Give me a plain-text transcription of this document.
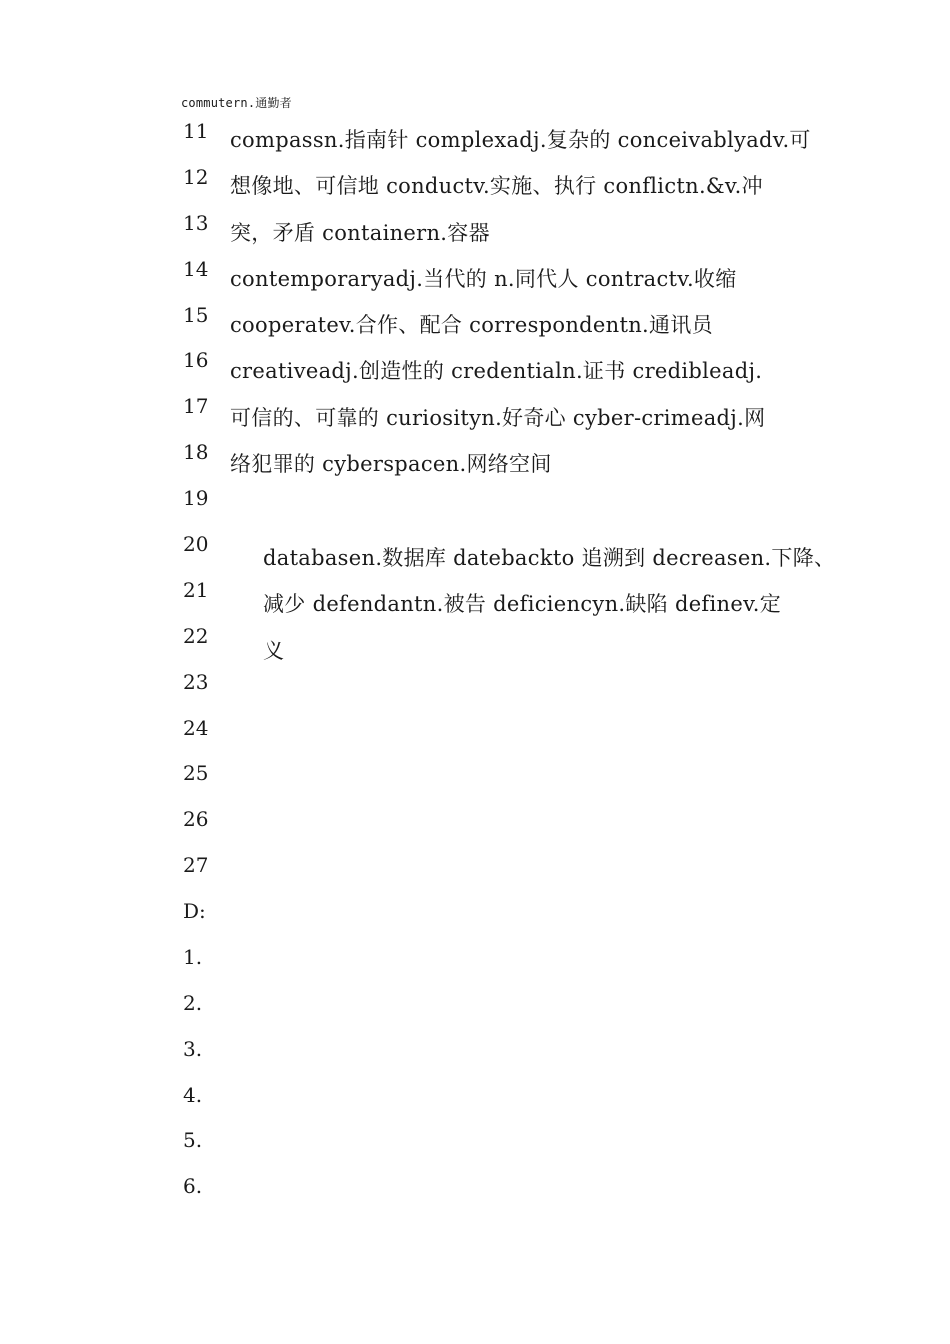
commutern.通勤者
11
12
13
14
15
16
17
18
19
20
21
22
23
24
25
26
27
compassn.指南针 complexadj.复杂的 conceivablyadv.可
想像地、可信地 conductv.实施、执行 conflictn.&v.冲
突，矛盾 containern.容器
contemporaryadj.当代的 n.同代人 contractv.收缩
cooperatev.合作、配合 correspondentn.通讯员
creativeadj.创造性的 credentialn.证书 credibleadj.
可信的、可靠的 curiosityn.好奇心 cyber-crimeadj.网
络犯罪的 cyberspacen.网络空间
databasen.数据库 datebackto 追溯到 decreasen.下降、
减少 defendantn.被告 deficiencyn.缺陷 definev.定
义
D:
1.
2.
3.
4.
5.
6.
